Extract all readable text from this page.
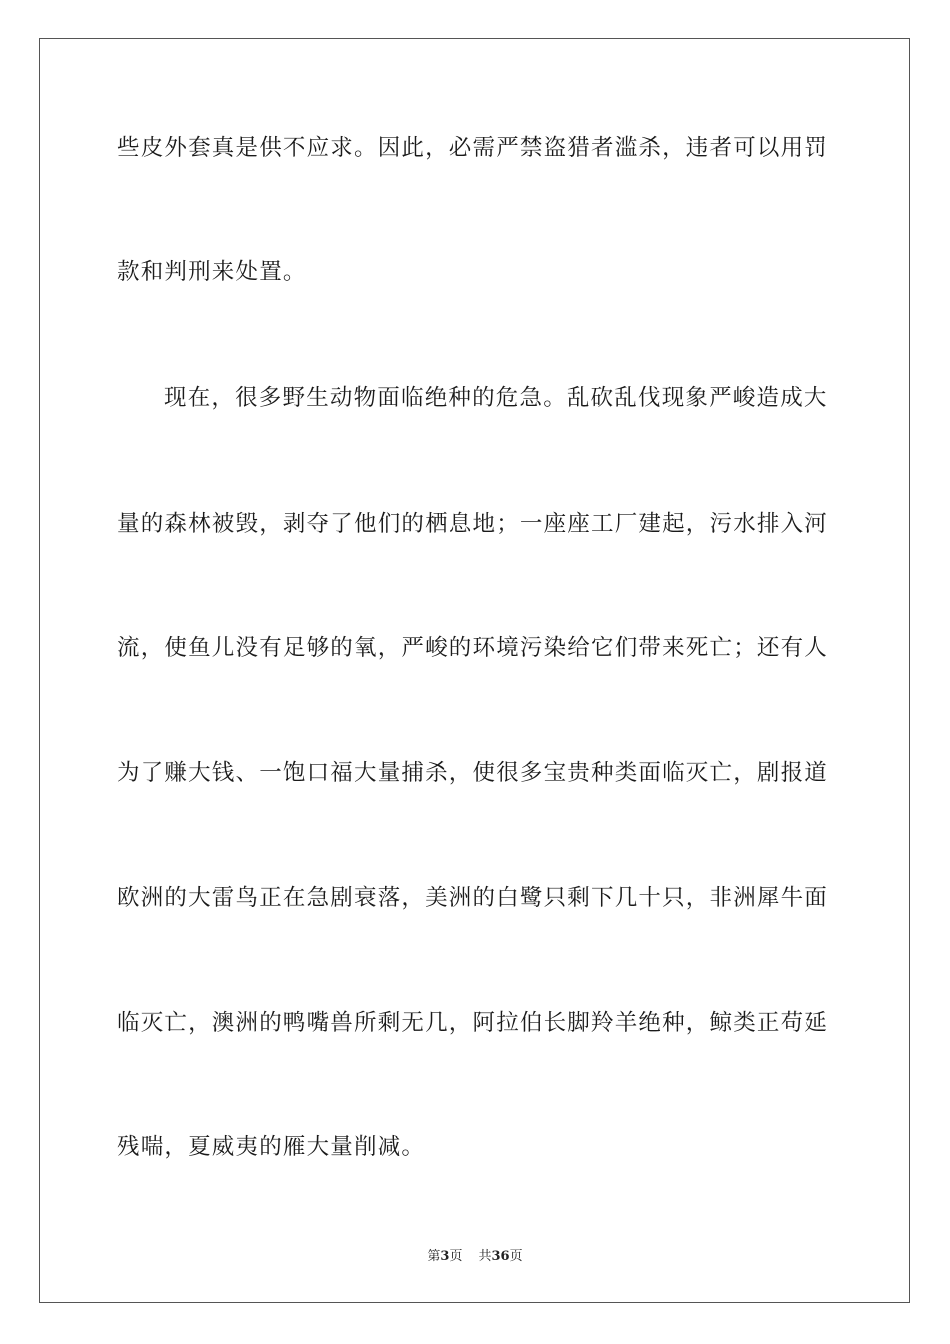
些皮外套真是供不应求。因此，必需严禁盗猎者滥杀，违者可以用罚
款和判刑来处置。
现在，很多野生动物面临绝种的危急。乱砍乱伐现象严峻造成大
量的森林被毁，剥夺了他们的栖息地；一座座工厂建起，污水排入河
流，使鱼儿没有足够的氧，严峻的环境污染给它们带来死亡；还有人
为了赚大钱、一饱口福大量捕杀，使很多宝贵种类面临灭亡，剧报道
欧洲的大雷鸟正在急剧衰落，美洲的白鹭只剩下几十只，非洲犀牛面
临灭亡，澳洲的鸭嘴兽所剩无几，阿拉伯长脚羚羊绝种，鲸类正苟延
残喘，夏威夷的雁大量削减。
第3页 共36页
